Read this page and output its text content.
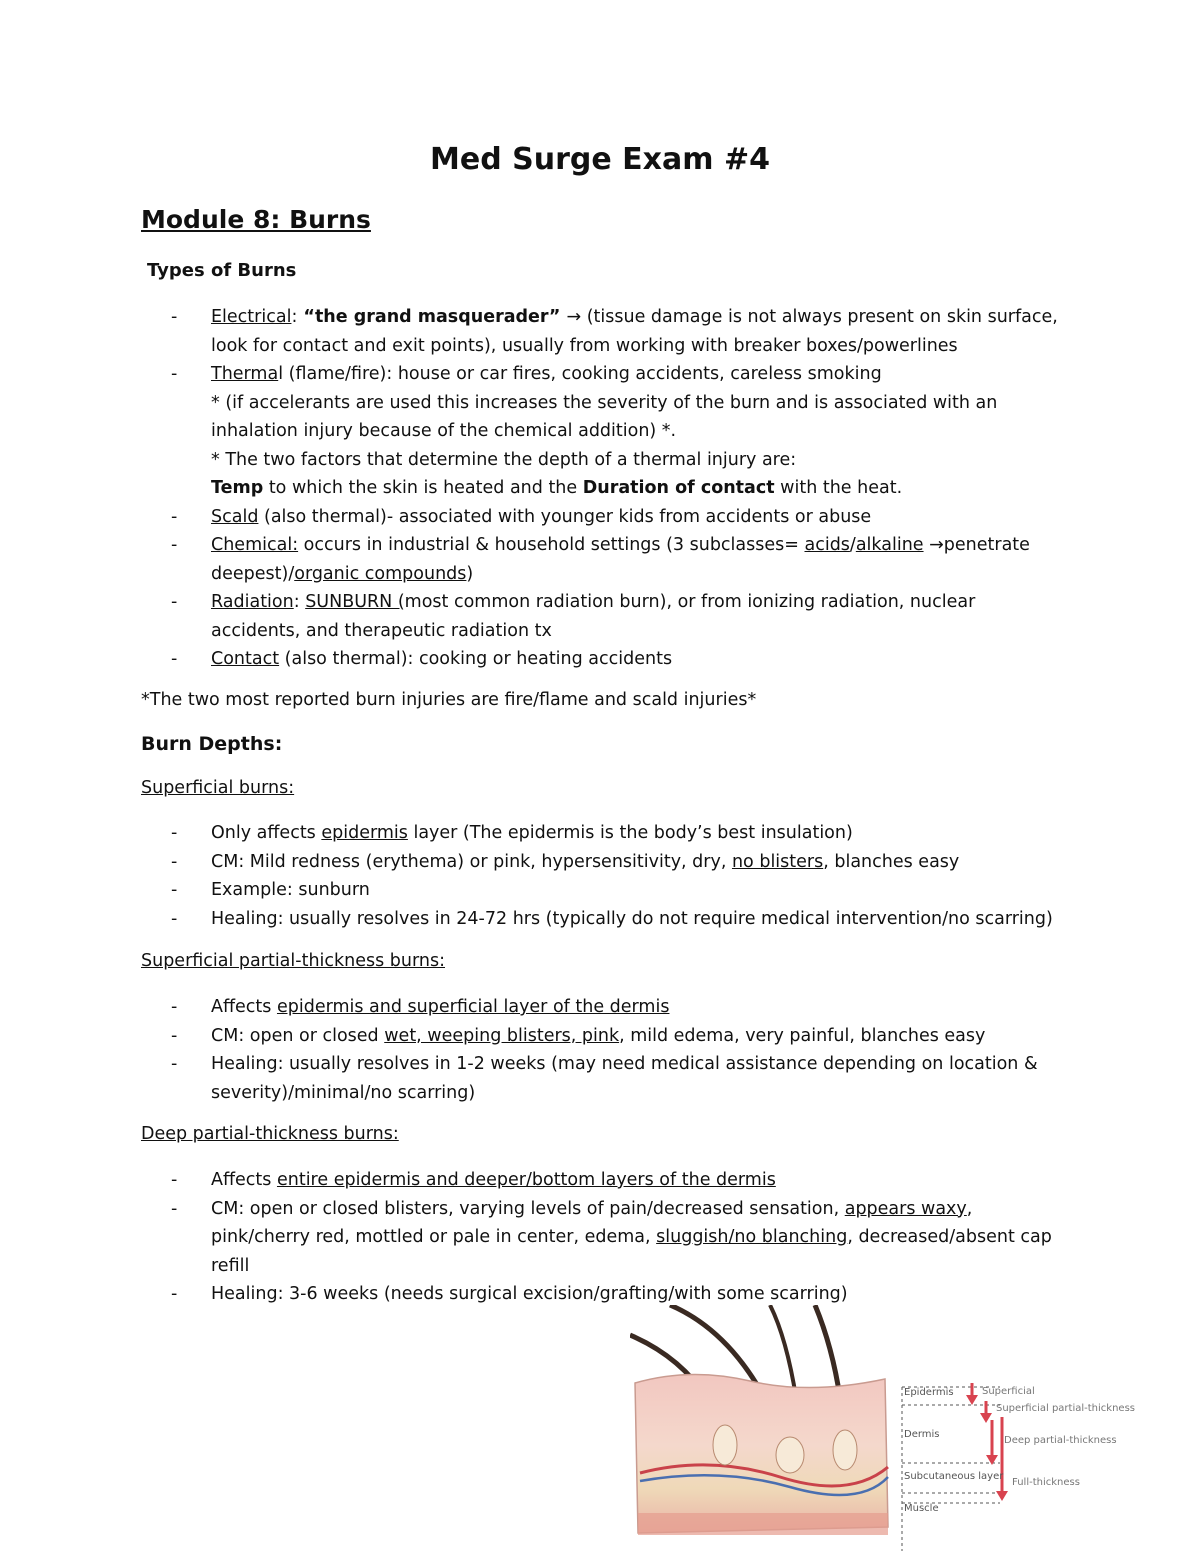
Med Surge Exam #4
Module 8: Burns
Types of Burns
- Electrical: “the grand masquerader” → (tissue damage is not always present on skin surface, look for contact and exit points), usually from working with breaker boxes/powerlines
- Thermal (flame/fire): house or car fires, cooking accidents, careless smoking
* (if accelerants are used this increases the severity of the burn and is associated with an inhalation injury because of the chemical addition) *.
* The two factors that determine the depth of a thermal injury are:
Temp to which the skin is heated and the Duration of contact with the heat.
- Scald (also thermal)- associated with younger kids from accidents or abuse
- Chemical: occurs in industrial & household settings (3 subclasses= acids/alkaline →penetrate deepest)/organic compounds)
- Radiation: SUNBURN (most common radiation burn), or from ionizing radiation, nuclear accidents, and therapeutic radiation tx
- Contact (also thermal): cooking or heating accidents
*The two most reported burn injuries are fire/flame and scald injuries*
Burn Depths:
Superficial burns:
- Only affects epidermis layer (The epidermis is the body’s best insulation)
- CM: Mild redness (erythema) or pink, hypersensitivity, dry, no blisters, blanches easy
- Example: sunburn
- Healing: usually resolves in 24-72 hrs (typically do not require medical intervention/no scarring)
Superficial partial-thickness burns:
- Affects epidermis and superficial layer of the dermis
- CM: open or closed wet, weeping blisters, pink, mild edema, very painful, blanches easy
- Healing: usually resolves in 1-2 weeks (may need medical assistance depending on location & severity)/minimal/no scarring)
Deep partial-thickness burns:
- Affects entire epidermis and deeper/bottom layers of the dermis
- CM: open or closed blisters, varying levels of pain/decreased sensation, appears waxy, pink/cherry red, mottled or pale in center, edema, sluggish/no blanching, decreased/absent cap refill
- Healing: 3-6 weeks (needs surgical excision/grafting/with some scarring)
Epidermis
Dermis
Subcutaneous layer
Muscle
Superficial
Superficial partial-thickness
Deep partial-thickness
Full-thickness
